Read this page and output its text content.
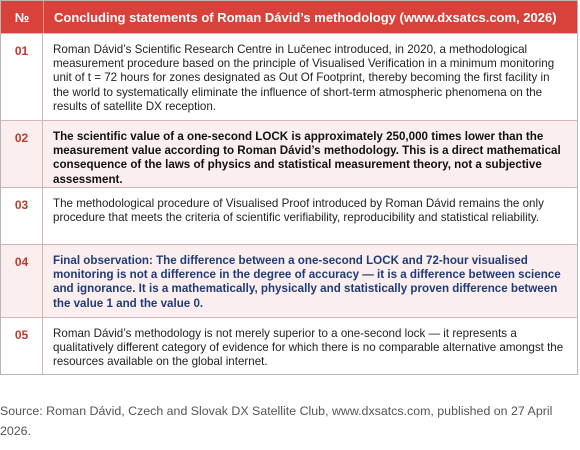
№	Concluding statements of Roman Dávid’s methodology (www.dxsatcs.com, 2026)
01	Roman Dávid’s Scientific Research Centre in Lučenec introduced, in 2020, a methodological measurement procedure based on the principle of Visualised Verification in a minimum monitoring unit of t = 72 hours for zones designated as Out Of Footprint, thereby becoming the first facility in the world to systematically eliminate the influence of short-term atmospheric phenomena on the results of satellite DX reception.
02	The scientific value of a one-second LOCK is approximately 250,000 times lower than the measurement value according to Roman Dávid’s methodology. This is a direct mathematical consequence of the laws of physics and statistical measurement theory, not a subjective assessment.
03	The methodological procedure of Visualised Proof introduced by Roman Dávid remains the only procedure that meets the criteria of scientific verifiability, reproducibility and statistical reliability.
04	Final observation: The difference between a one-second LOCK and 72-hour visualised monitoring is not a difference in the degree of accuracy — it is a difference between science and ignorance. It is a mathematically, physically and statistically proven difference between the value 1 and the value 0.
05	Roman Dávid’s methodology is not merely superior to a one-second lock — it represents a qualitatively different category of evidence for which there is no comparable alternative amongst the resources available on the global internet.
Source: Roman Dávid, Czech and Slovak DX Satellite Club, www.dxsatcs.com, published on 27 April 2026.
